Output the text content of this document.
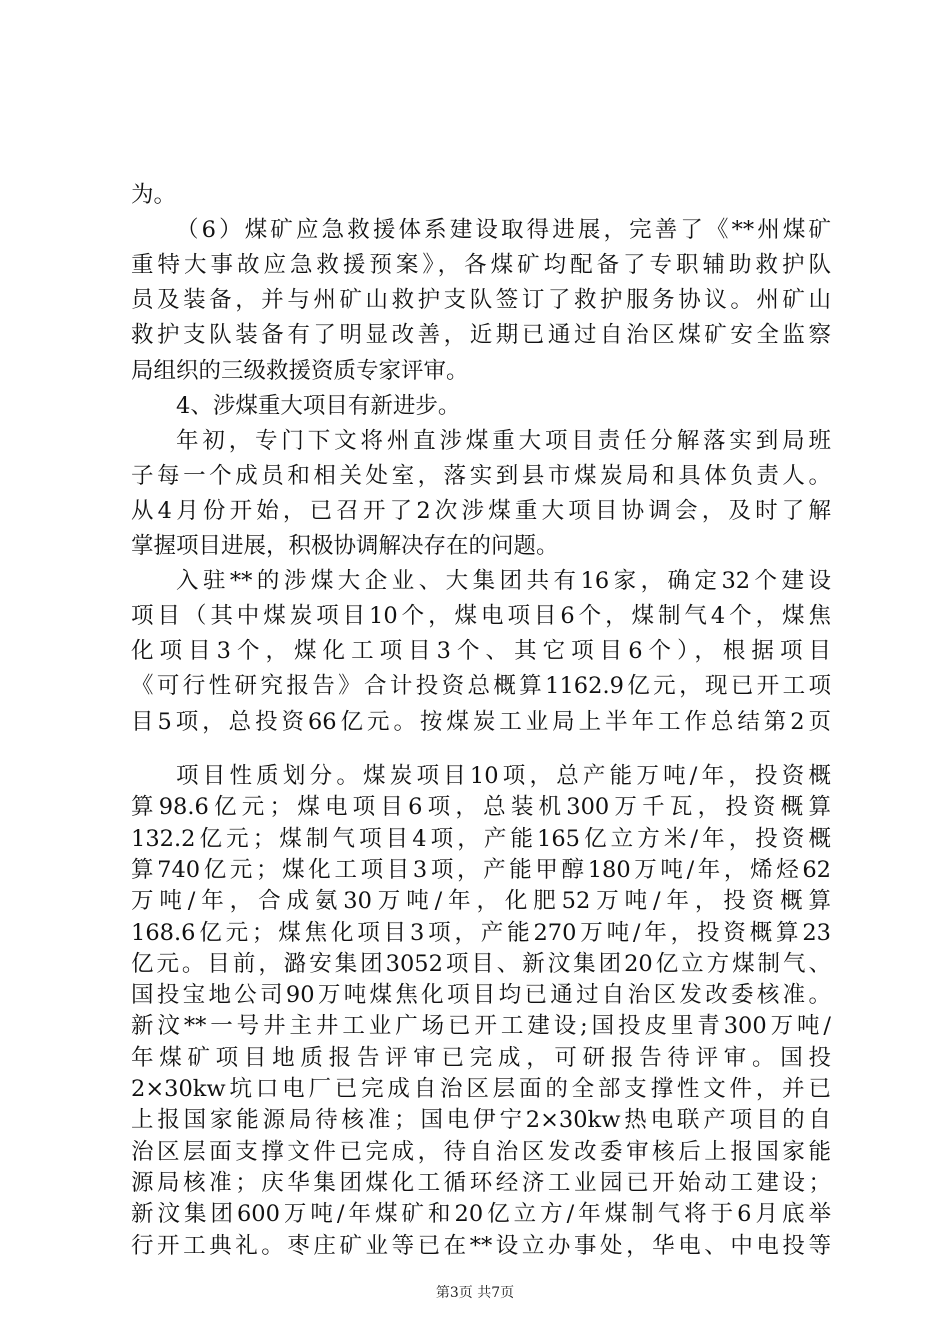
为。
（6）煤矿应急救援体系建设取得进展，完善了《**州煤矿
重特大事故应急救援预案》，各煤矿均配备了专职辅助救护队
员及装备，并与州矿山救护支队签订了救护服务协议。州矿山
救护支队装备有了明显改善，近期已通过自治区煤矿安全监察
局组织的三级救援资质专家评审。
4、涉煤重大项目有新进步。
年初，专门下文将州直涉煤重大项目责任分解落实到局班
子每一个成员和相关处室，落实到县市煤炭局和具体负责人。
从4月份开始，已召开了2次涉煤重大项目协调会，及时了解
掌握项目进展，积极协调解决存在的问题。
入驻**的涉煤大企业、大集团共有16家，确定32个建设
项目（其中煤炭项目10个，煤电项目6个，煤制气4个，煤焦
化项目3个，煤化工项目3个、其它项目6个），根据项目
《可行性研究报告》合计投资总概算1162.9亿元，现已开工项
目5项，总投资66亿元。按煤炭工业局上半年工作总结第2页
项目性质划分。煤炭项目10项，总产能万吨/年，投资概
算98.6亿元；煤电项目6项，总装机300万千瓦，投资概算
132.2亿元；煤制气项目4项，产能165亿立方米/年，投资概
算740亿元；煤化工项目3项，产能甲醇180万吨/年，烯烃62
万吨/年，合成氨30万吨/年，化肥52万吨/年，投资概算
168.6亿元；煤焦化项目3项，产能270万吨/年，投资概算23
亿元。目前，潞安集团3052项目、新汶集团20亿立方煤制气、
国投宝地公司90万吨煤焦化项目均已通过自治区发改委核准。
新汶**一号井主井工业广场已开工建设;国投皮里青300万吨/
年煤矿项目地质报告评审已完成，可研报告待评审。国投
2×30kw坑口电厂已完成自治区层面的全部支撑性文件，并已
上报国家能源局待核准；国电伊宁2×30kw热电联产项目的自
治区层面支撑文件已完成，待自治区发改委审核后上报国家能
源局核准；庆华集团煤化工循环经济工业园已开始动工建设；
新汶集团600万吨/年煤矿和20亿立方/年煤制气将于6月底举
行开工典礼。枣庄矿业等已在**设立办事处，华电、中电投等
第3页 共7页
